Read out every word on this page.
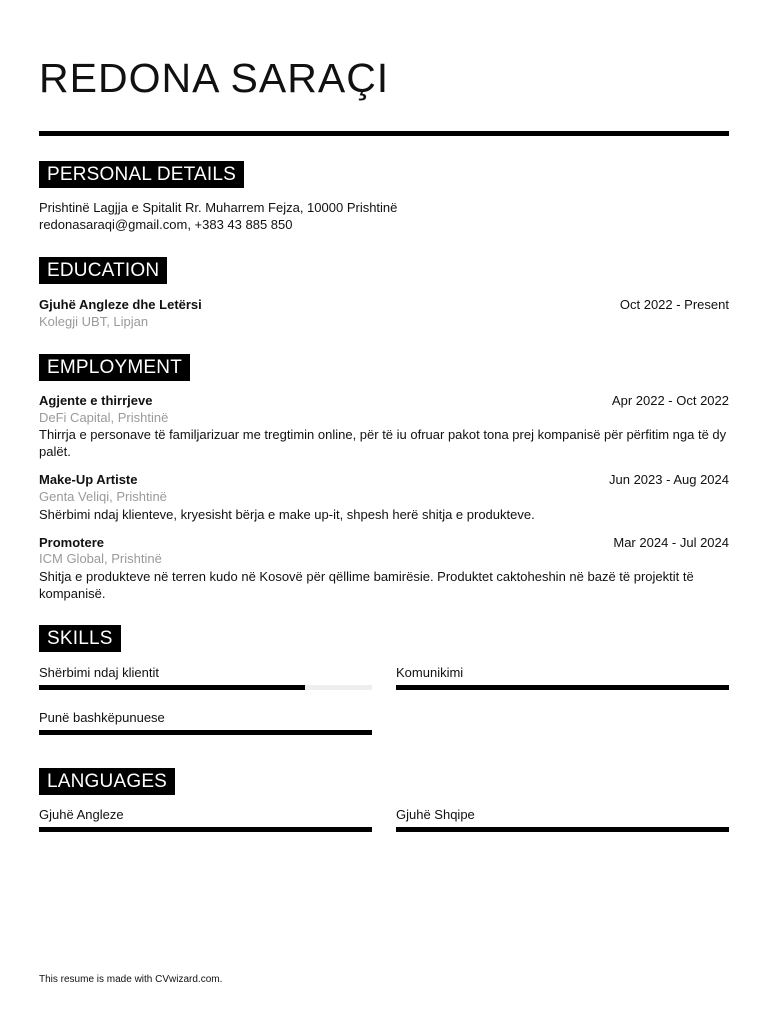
REDONA SARAÇI
PERSONAL DETAILS
Prishtinë Lagjja e Spitalit Rr. Muharrem Fejza, 10000 Prishtinë
redonasaraqi@gmail.com, +383 43 885 850
EDUCATION
Gjuhë Angleze dhe Letërsi	Oct 2022 - Present
Kolegji UBT, Lipjan
EMPLOYMENT
Agjente e thirrjeve	Apr 2022 - Oct 2022
DeFi Capital, Prishtinë
Thirrja e personave të familjarizuar me tregtimin online, për të iu ofruar pakot tona prej kompanisë për përfitim nga të dy palët.
Make-Up Artiste	Jun 2023 - Aug 2024
Genta Veliqi, Prishtinë
Shërbimi ndaj klienteve, kryesisht bërja e make up-it, shpesh herë shitja e produkteve.
Promotere	Mar 2024 - Jul 2024
ICM Global, Prishtinë
Shitja e produkteve në terren kudo në Kosovë për qëllime bamirësie. Produktet caktoheshin në bazë të projektit të kompanisë.
SKILLS
Shërbimi ndaj klientit	Komunikimi
Punë bashkëpunuese
LANGUAGES
Gjuhë Angleze	Gjuhë Shqipe
This resume is made with CVwizard.com.
